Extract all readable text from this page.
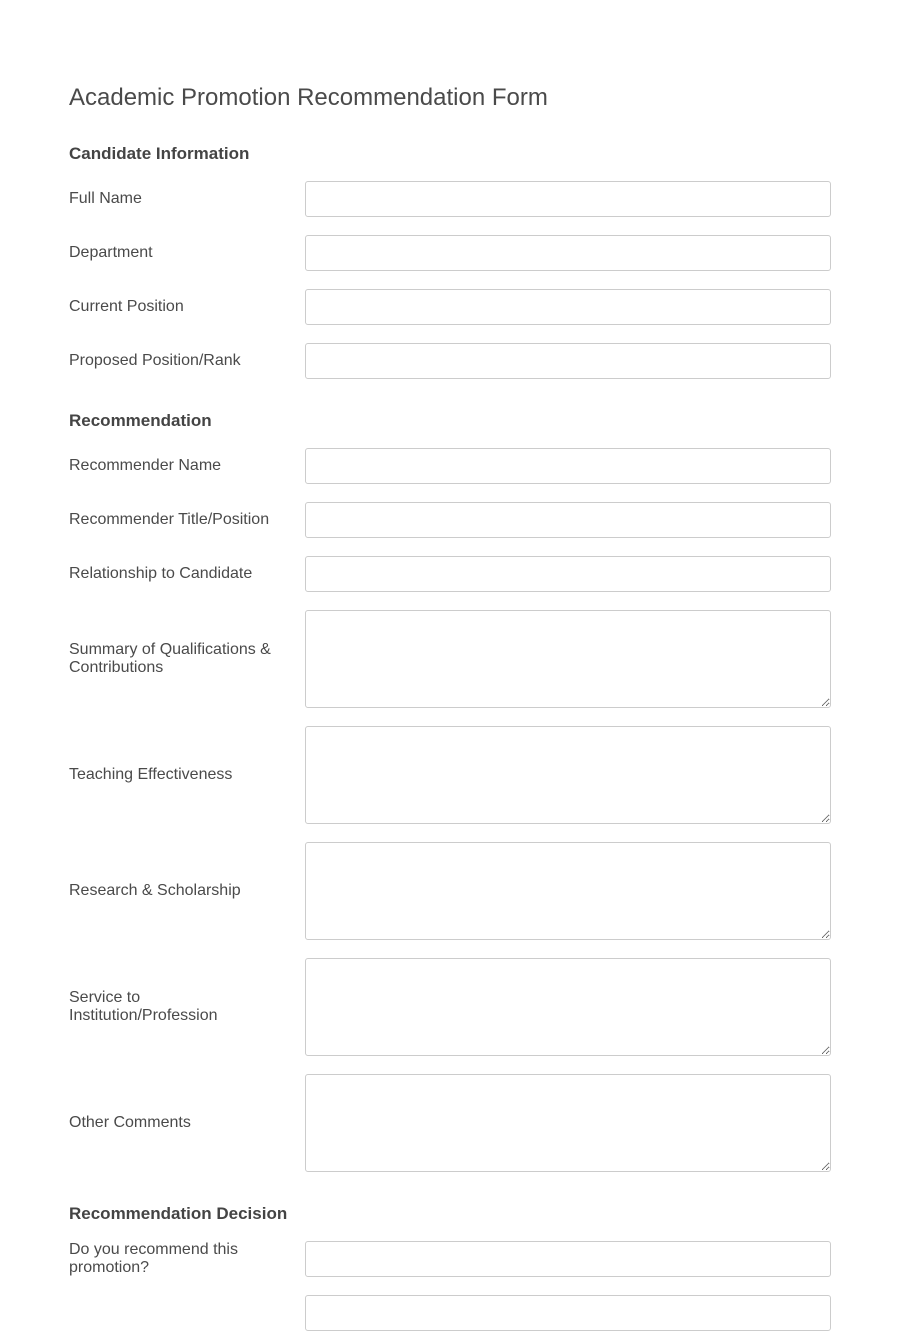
Academic Promotion Recommendation Form
Candidate Information
Full Name
Department
Current Position
Proposed Position/Rank
Recommendation
Recommender Name
Recommender Title/Position
Relationship to Candidate
Summary of Qualifications & Contributions
Teaching Effectiveness
Research & Scholarship
Service to Institution/Profession
Other Comments
Recommendation Decision
Do you recommend this promotion?
